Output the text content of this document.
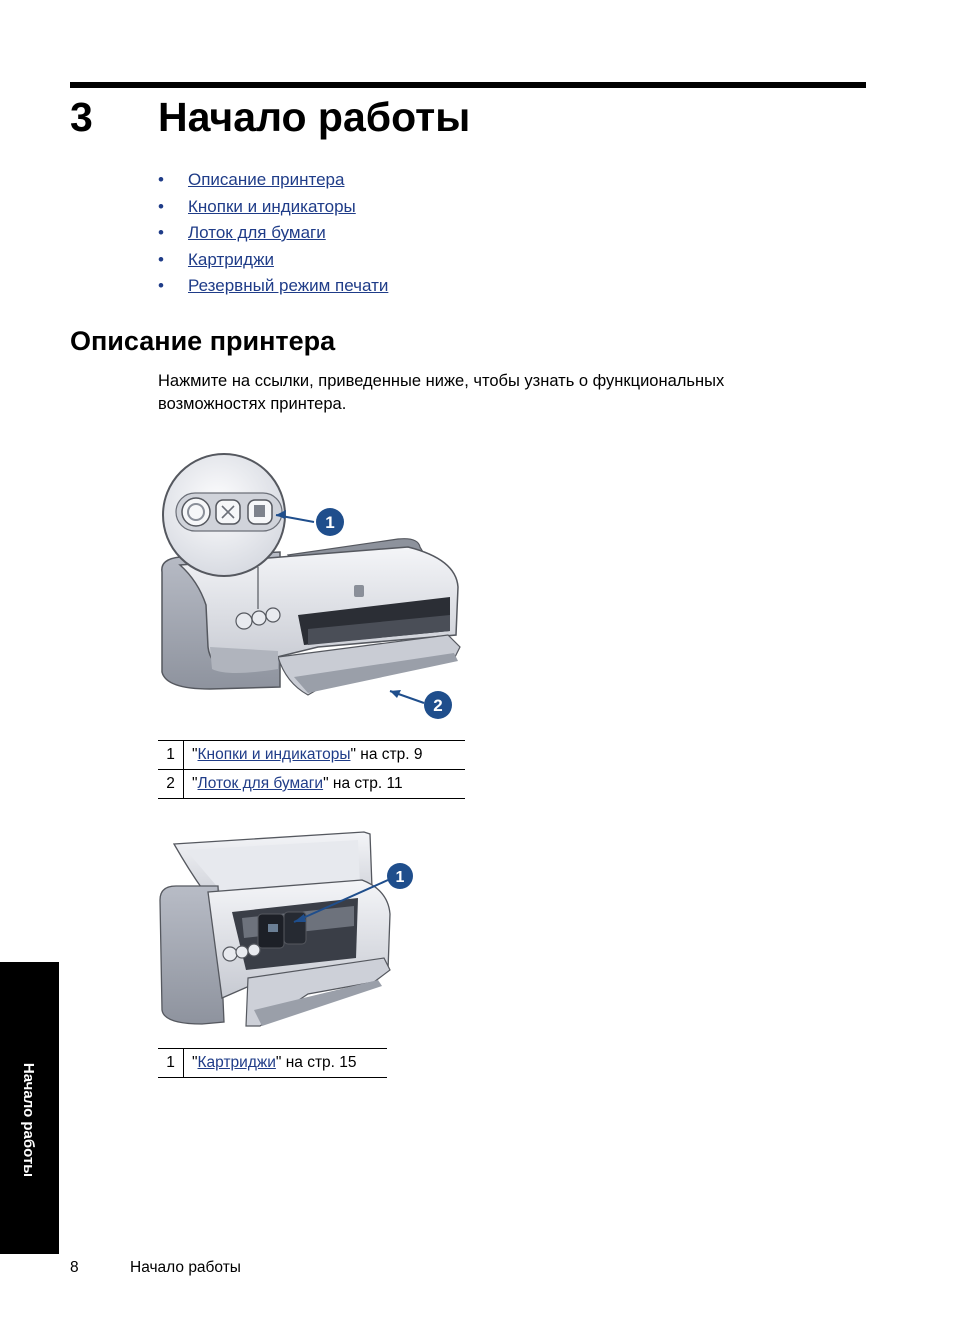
3 Начало работы
•	Описание принтера
•	Кнопки и индикаторы
•	Лоток для бумаги
•	Картриджи
•	Резервный режим печати
Описание принтера
Нажмите на ссылки, приведенные ниже, чтобы узнать о функциональных возможностях принтера.
1
2
1	"Кнопки и индикаторы" на стр. 9
2	"Лоток для бумаги" на стр. 11
1
1	"Картриджи" на стр. 15
Начало работы
8	Начало работы
